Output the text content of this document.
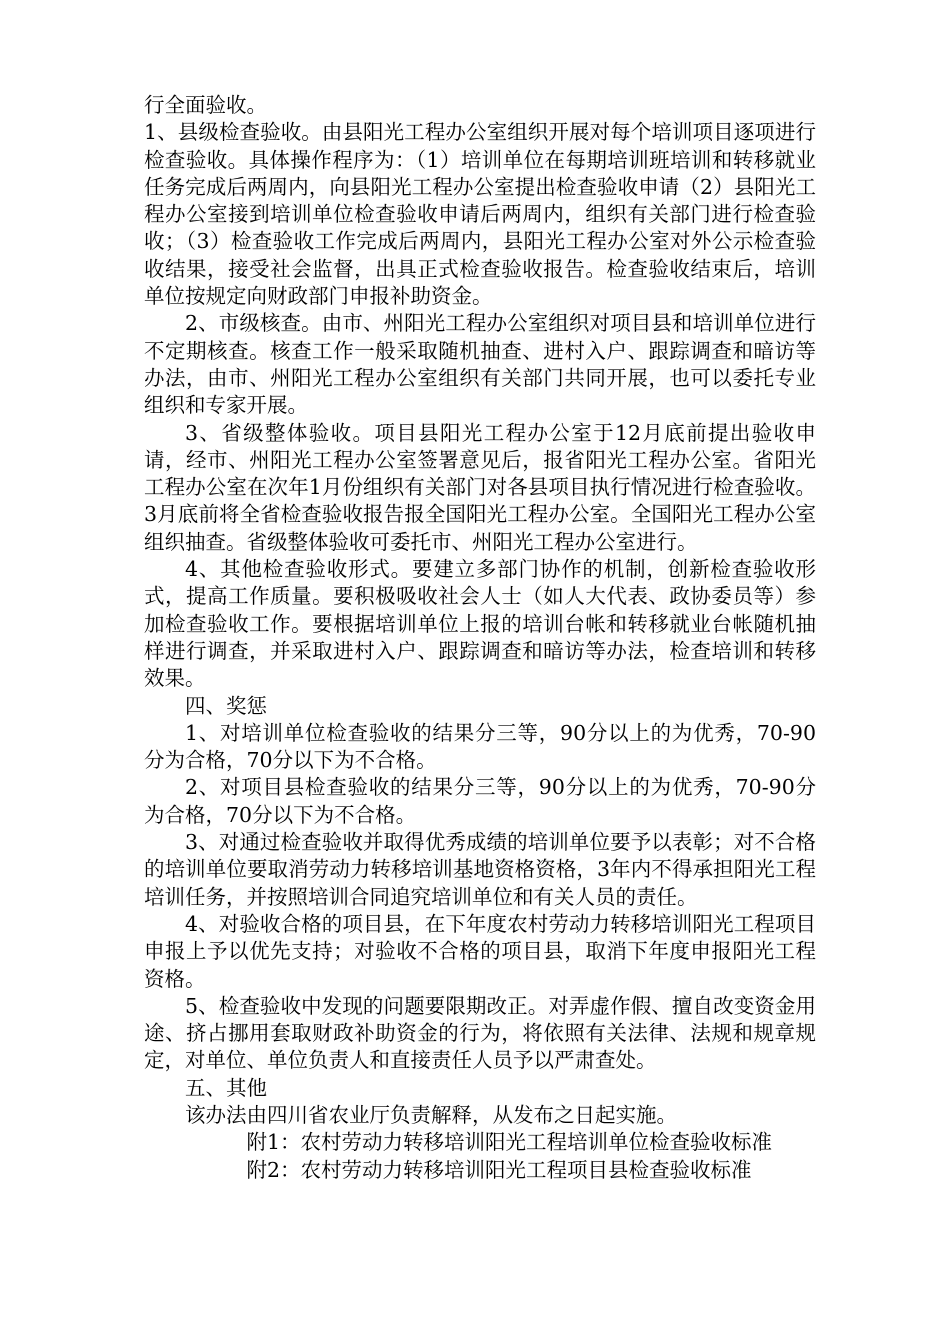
行全面验收。

1、县级检查验收。由县阳光工程办公室组织开展对每个培训项目逐项进行检查验收。具体操作程序为：（1）培训单位在每期培训班培训和转移就业任务完成后两周内，向县阳光工程办公室提出检查验收申请（2）县阳光工程办公室接到培训单位检查验收申请后两周内，组织有关部门进行检查验收；（3）检查验收工作完成后两周内，县阳光工程办公室对外公示检查验收结果，接受社会监督，出具正式检查验收报告。检查验收结束后，培训单位按规定向财政部门申报补助资金。

2、市级核查。由市、州阳光工程办公室组织对项目县和培训单位进行不定期核查。核查工作一般采取随机抽查、进村入户、跟踪调查和暗访等办法，由市、州阳光工程办公室组织有关部门共同开展，也可以委托专业组织和专家开展。

3、省级整体验收。项目县阳光工程办公室于12月底前提出验收申请，经市、州阳光工程办公室签署意见后，报省阳光工程办公室。省阳光工程办公室在次年1月份组织有关部门对各县项目执行情况进行检查验收。3月底前将全省检查验收报告报全国阳光工程办公室。全国阳光工程办公室组织抽查。省级整体验收可委托市、州阳光工程办公室进行。

4、其他检查验收形式。要建立多部门协作的机制，创新检查验收形式，提高工作质量。要积极吸收社会人士（如人大代表、政协委员等）参加检查验收工作。要根据培训单位上报的培训台帐和转移就业台帐随机抽样进行调查，并采取进村入户、跟踪调查和暗访等办法，检查培训和转移效果。

四、奖惩

1、对培训单位检查验收的结果分三等，90分以上的为优秀，70-90分为合格，70分以下为不合格。

2、对项目县检查验收的结果分三等，90分以上的为优秀，70-90分为合格，70分以下为不合格。

3、对通过检查验收并取得优秀成绩的培训单位要予以表彰；对不合格的培训单位要取消劳动力转移培训基地资格资格，3年内不得承担阳光工程培训任务，并按照培训合同追究培训单位和有关人员的责任。

4、对验收合格的项目县，在下年度农村劳动力转移培训阳光工程项目申报上予以优先支持；对验收不合格的项目县，取消下年度申报阳光工程资格。

5、检查验收中发现的问题要限期改正。对弄虚作假、擅自改变资金用途、挤占挪用套取财政补助资金的行为，将依照有关法律、法规和规章规定，对单位、单位负责人和直接责任人员予以严肃查处。

五、其他

该办法由四川省农业厅负责解释，从发布之日起实施。

附1：农村劳动力转移培训阳光工程培训单位检查验收标准

附2：农村劳动力转移培训阳光工程项目县检查验收标准
